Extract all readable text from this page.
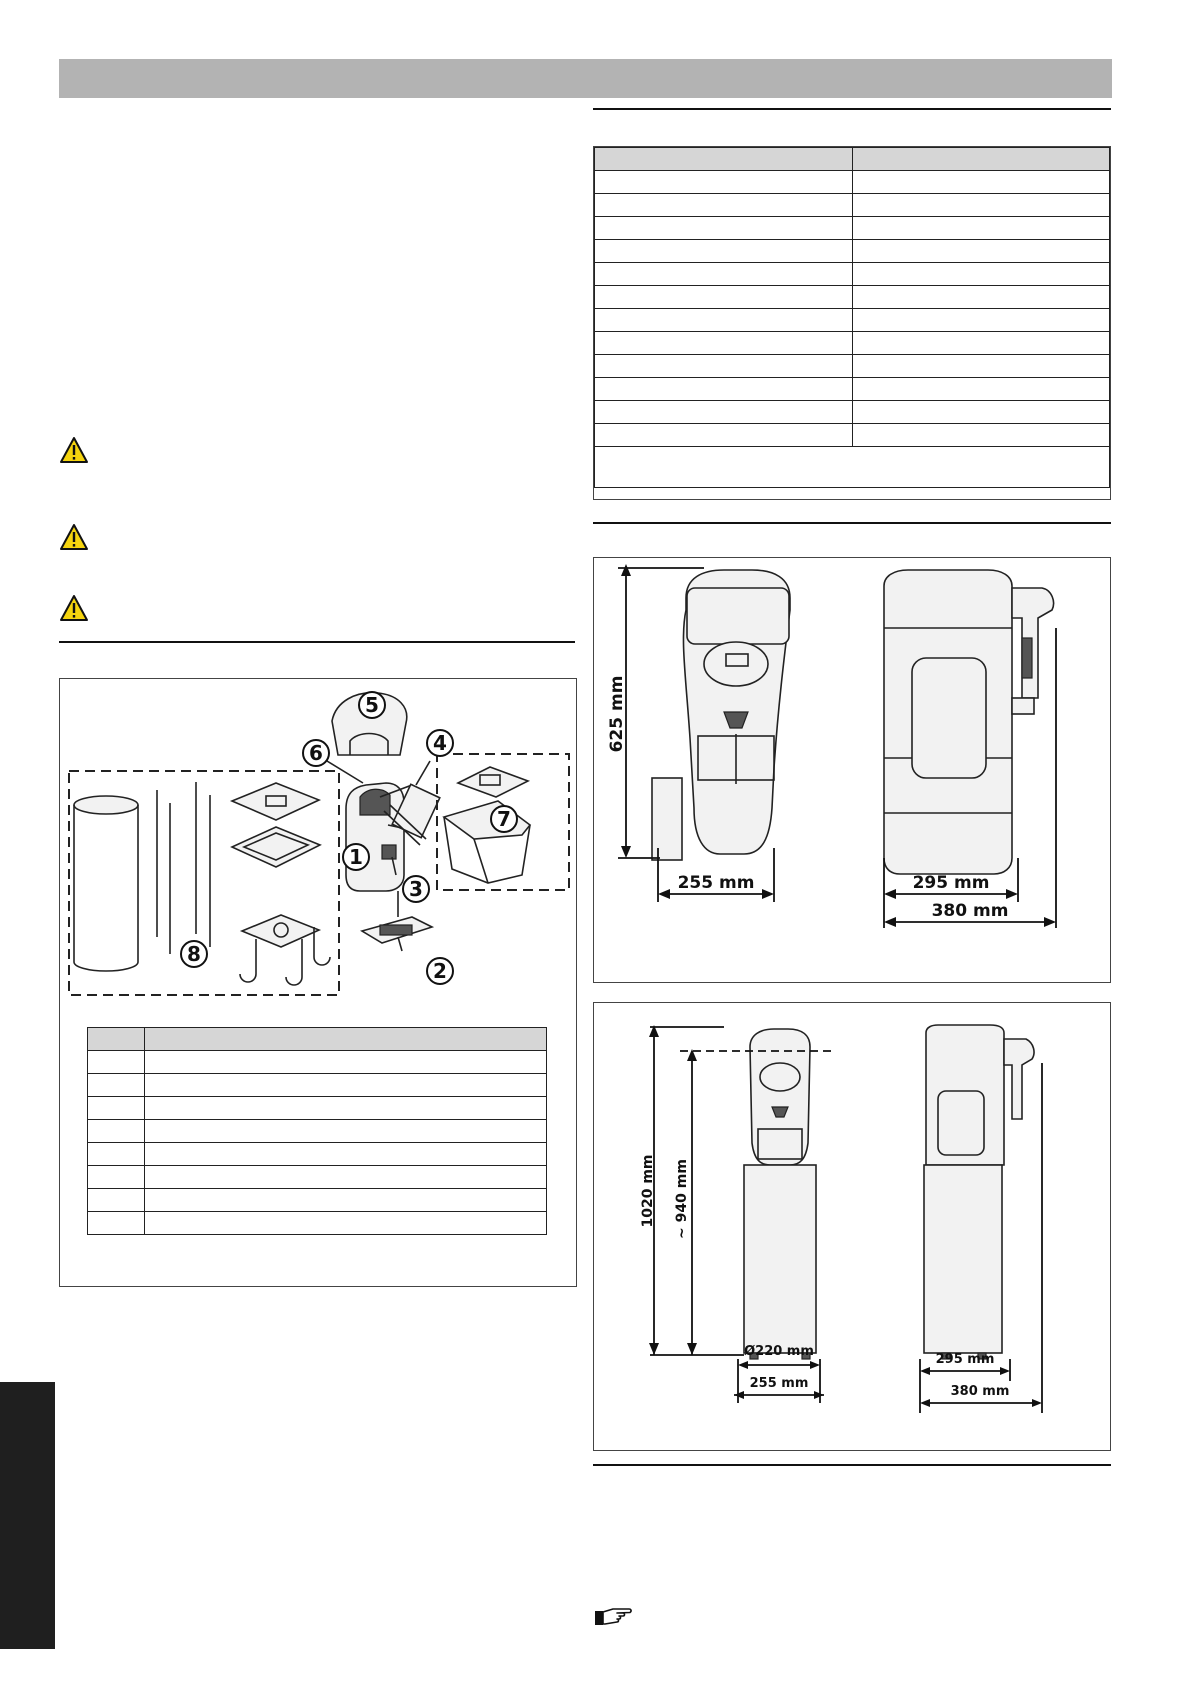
5
6	4
7
1
3
2
8

625 mm
255 mm	295 mm
380 mm
1020 mm ~ 940 mm
Ø220 mm
255 mm
295 mm
380 mm
